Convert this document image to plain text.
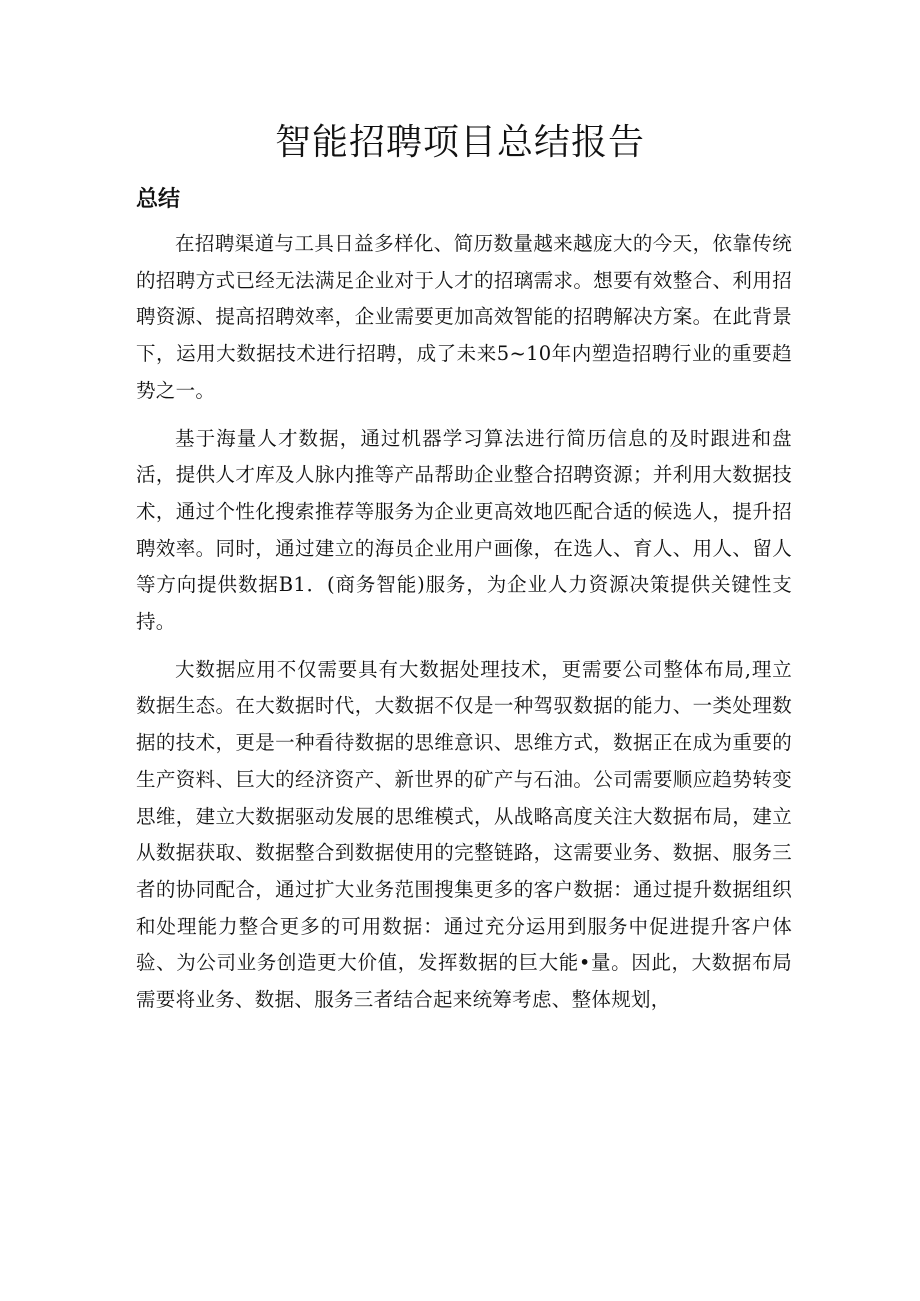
智能招聘项目总结报告
总结

在招聘渠道与工具日益多样化、简历数量越来越庞大的今天，依靠传统的招聘方式已经无法满足企业对于人才的招璃需求。想要有效整合、利用招聘资源、提高招聘效率，企业需要更加高效智能的招聘解决方案。在此背景下，运用大数据技术进行招聘，成了未来5~10年内塑造招聘行业的重要趋势之一。

基于海量人才数据，通过机器学习算法进行简历信息的及时跟进和盘活，提供人才库及人脉内推等产品帮助企业整合招聘资源；并利用大数据技术，通过个性化搜索推荐等服务为企业更高效地匹配合适的候选人，提升招聘效率。同时，通过建立的海员企业用户画像，在选人、育人、用人、留人等方向提供数据B1．(商务智能)服务，为企业人力资源决策提供关键性支持。

大数据应用不仅需要具有大数据处理技术，更需要公司整体布局,理立数据生态。在大数据时代，大数据不仅是一种驾驭数据的能力、一类处理数据的技术，更是一种看待数据的思维意识、思维方式，数据正在成为重要的生产资料、巨大的经济资产、新世界的矿产与石油。公司需要顺应趋势转变思维，建立大数据驱动发展的思维模式，从战略高度关注大数据布局，建立从数据获取、数据整合到数据使用的完整链路，这需要业务、数据、服务三者的协同配合，通过扩大业务范围搜集更多的客户数据：通过提升数据组织和处理能力整合更多的可用数据：通过充分运用到服务中促进提升客户体验、为公司业务创造更大价值，发挥数据的巨大能•量。因此，大数据布局需要将业务、数据、服务三者结合起来统筹考虑、整体规划，
